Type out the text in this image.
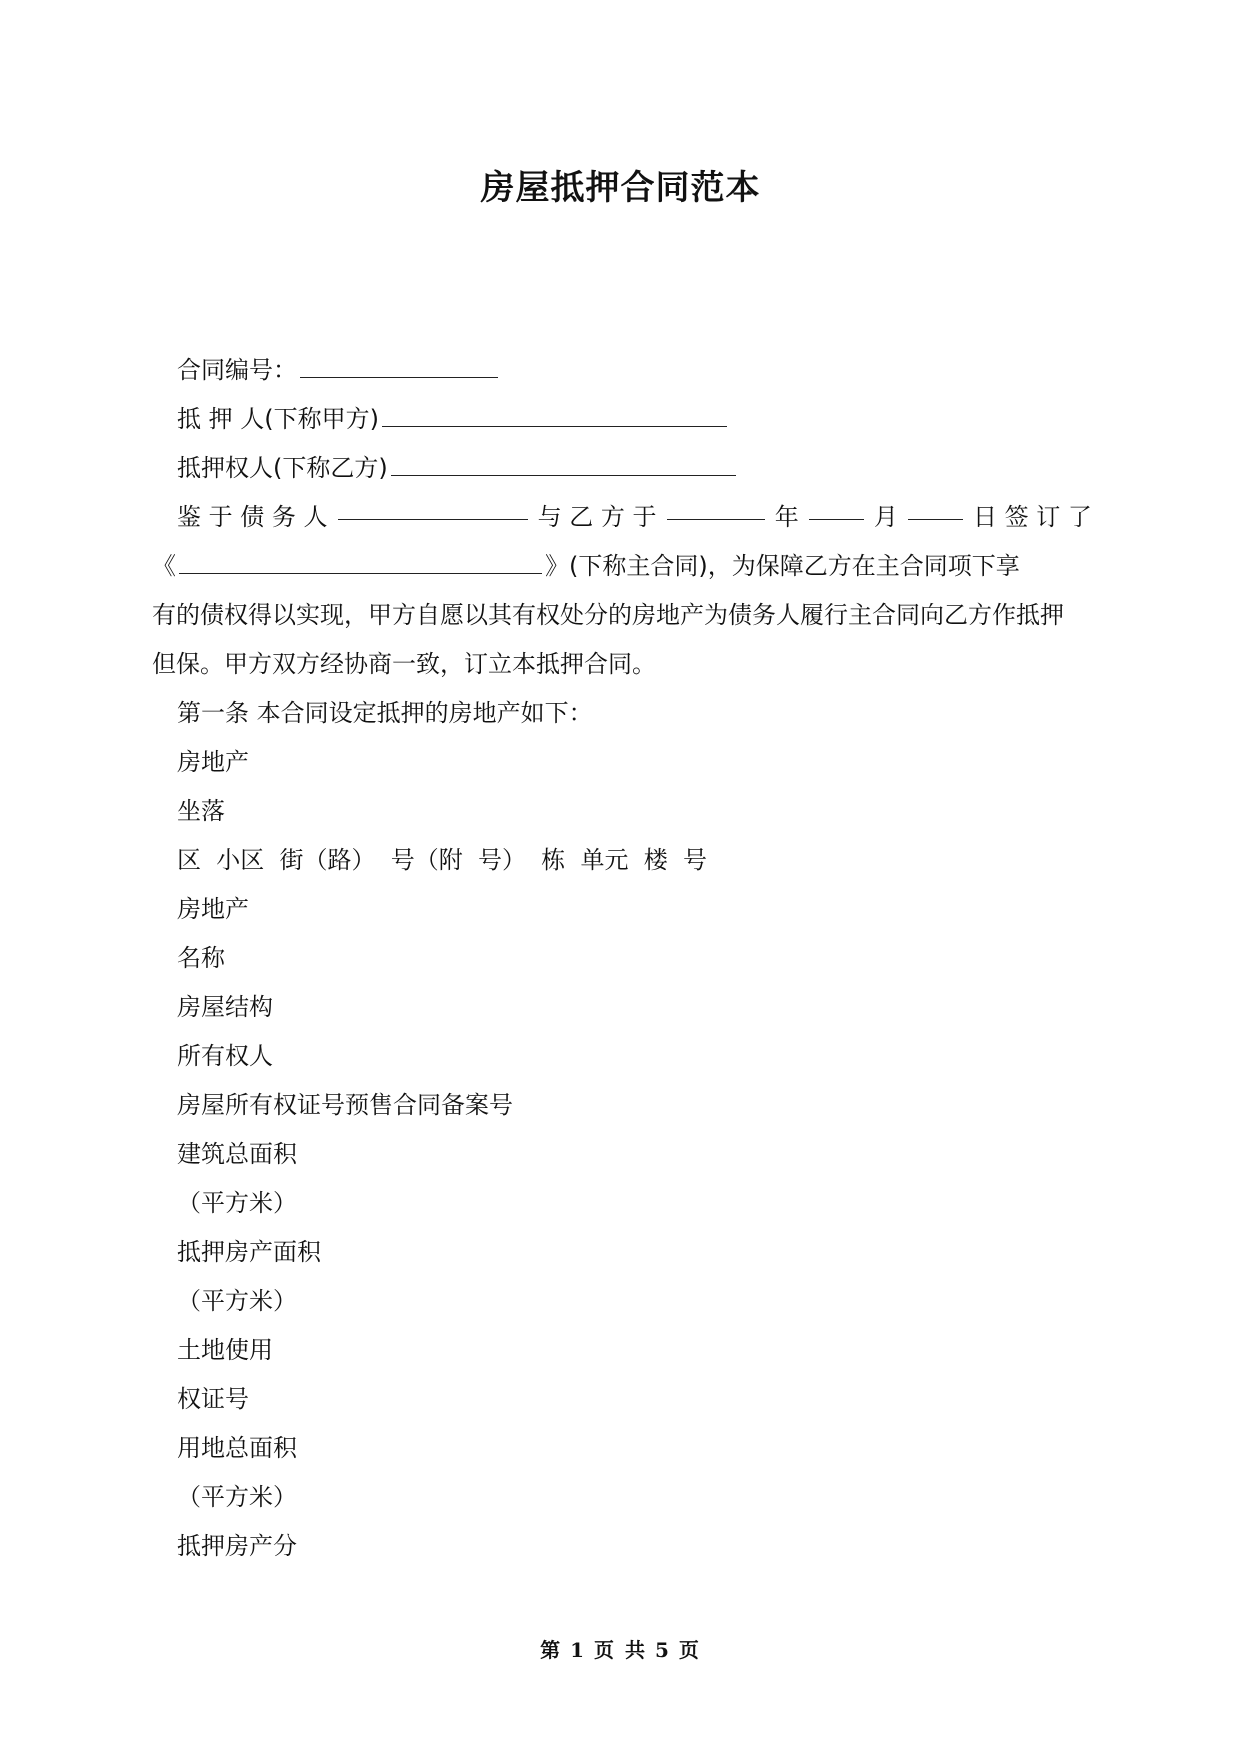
房屋抵押合同范本
合同编号：
抵 押 人(下称甲方)
抵押权人(下称乙方)
鉴 于 债 务 人	与 乙 方 于	年	月	日 签 订 了
《	》(下称主合同)，为保障乙方在主合同项下享
有的债权得以实现，甲方自愿以其有权处分的房地产为债务人履行主合同向乙方作抵押
但保。甲方双方经协商一致，订立本抵押合同。
第一条 本合同设定抵押的房地产如下：
房地产
坐落
区  小区  街（路）  号（附  号）  栋  单元  楼  号
房地产
名称
房屋结构
所有权人
房屋所有权证号预售合同备案号
建筑总面积
（平方米）
抵押房产面积
（平方米）
土地使用
权证号
用地总面积
（平方米）
抵押房产分
第 1 页 共 5 页
